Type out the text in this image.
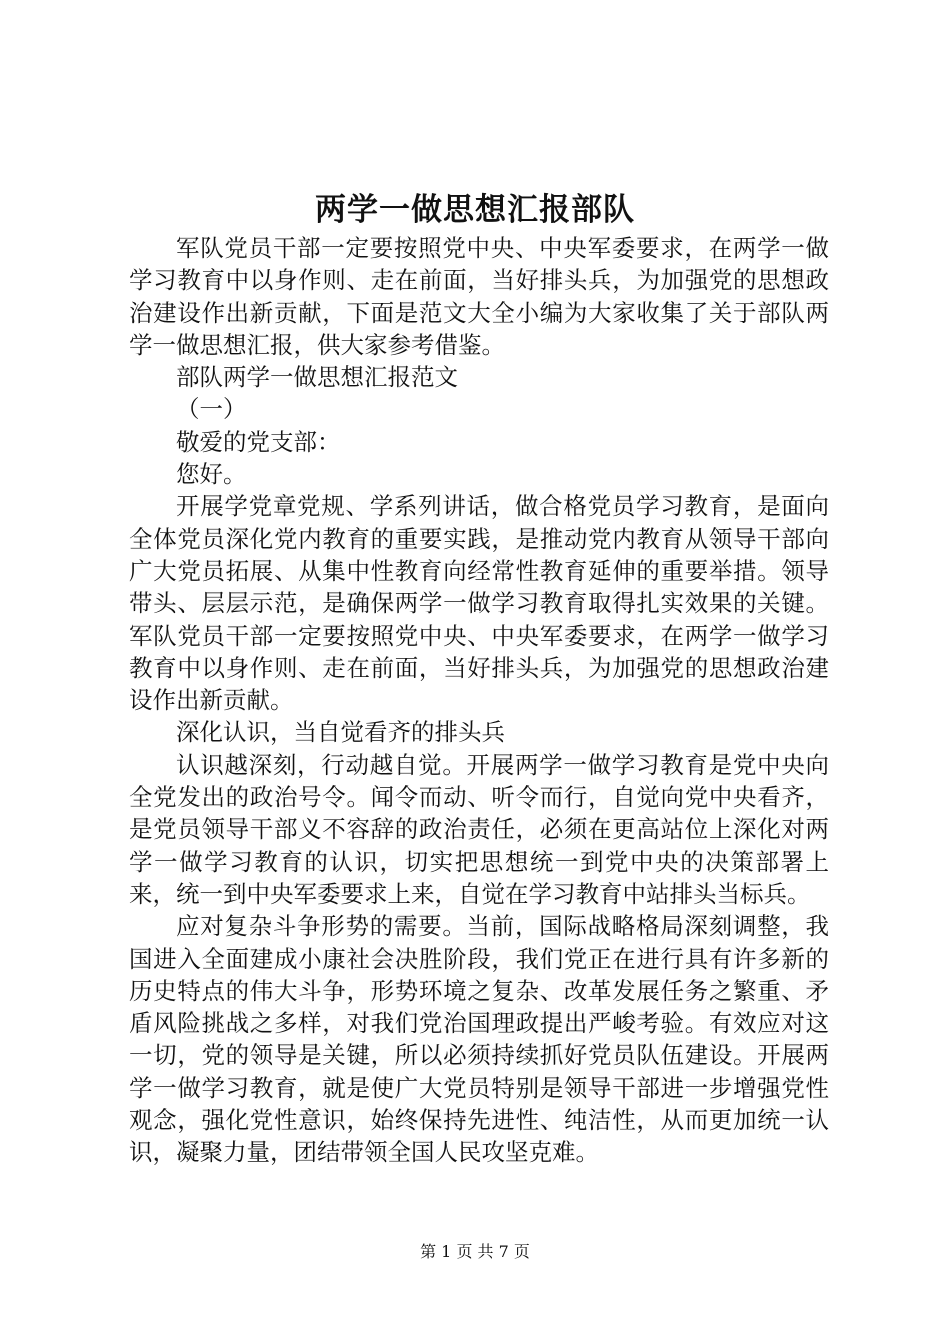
两学一做思想汇报部队

军队党员干部一定要按照党中央、中央军委要求，在两学一做学习教育中以身作则、走在前面，当好排头兵，为加强党的思想政治建设作出新贡献，下面是范文大全小编为大家收集了关于部队两学一做思想汇报，供大家参考借鉴。

部队两学一做思想汇报范文

（一）

敬爱的党支部：

您好。

开展学党章党规、学系列讲话，做合格党员学习教育，是面向全体党员深化党内教育的重要实践，是推动党内教育从领导干部向广大党员拓展、从集中性教育向经常性教育延伸的重要举措。领导带头、层层示范，是确保两学一做学习教育取得扎实效果的关键。军队党员干部一定要按照党中央、中央军委要求，在两学一做学习教育中以身作则、走在前面，当好排头兵，为加强党的思想政治建设作出新贡献。

深化认识，当自觉看齐的排头兵

认识越深刻，行动越自觉。开展两学一做学习教育是党中央向全党发出的政治号令。闻令而动、听令而行，自觉向党中央看齐，是党员领导干部义不容辞的政治责任，必须在更高站位上深化对两学一做学习教育的认识，切实把思想统一到党中央的决策部署上来，统一到中央军委要求上来，自觉在学习教育中站排头当标兵。

应对复杂斗争形势的需要。当前，国际战略格局深刻调整，我国进入全面建成小康社会决胜阶段，我们党正在进行具有许多新的历史特点的伟大斗争，形势环境之复杂、改革发展任务之繁重、矛盾风险挑战之多样，对我们党治国理政提出严峻考验。有效应对这一切，党的领导是关键，所以必须持续抓好党员队伍建设。开展两学一做学习教育，就是使广大党员特别是领导干部进一步增强党性观念，强化党性意识，始终保持先进性、纯洁性，从而更加统一认识，凝聚力量，团结带领全国人民攻坚克难。

第 1 页 共 7 页
